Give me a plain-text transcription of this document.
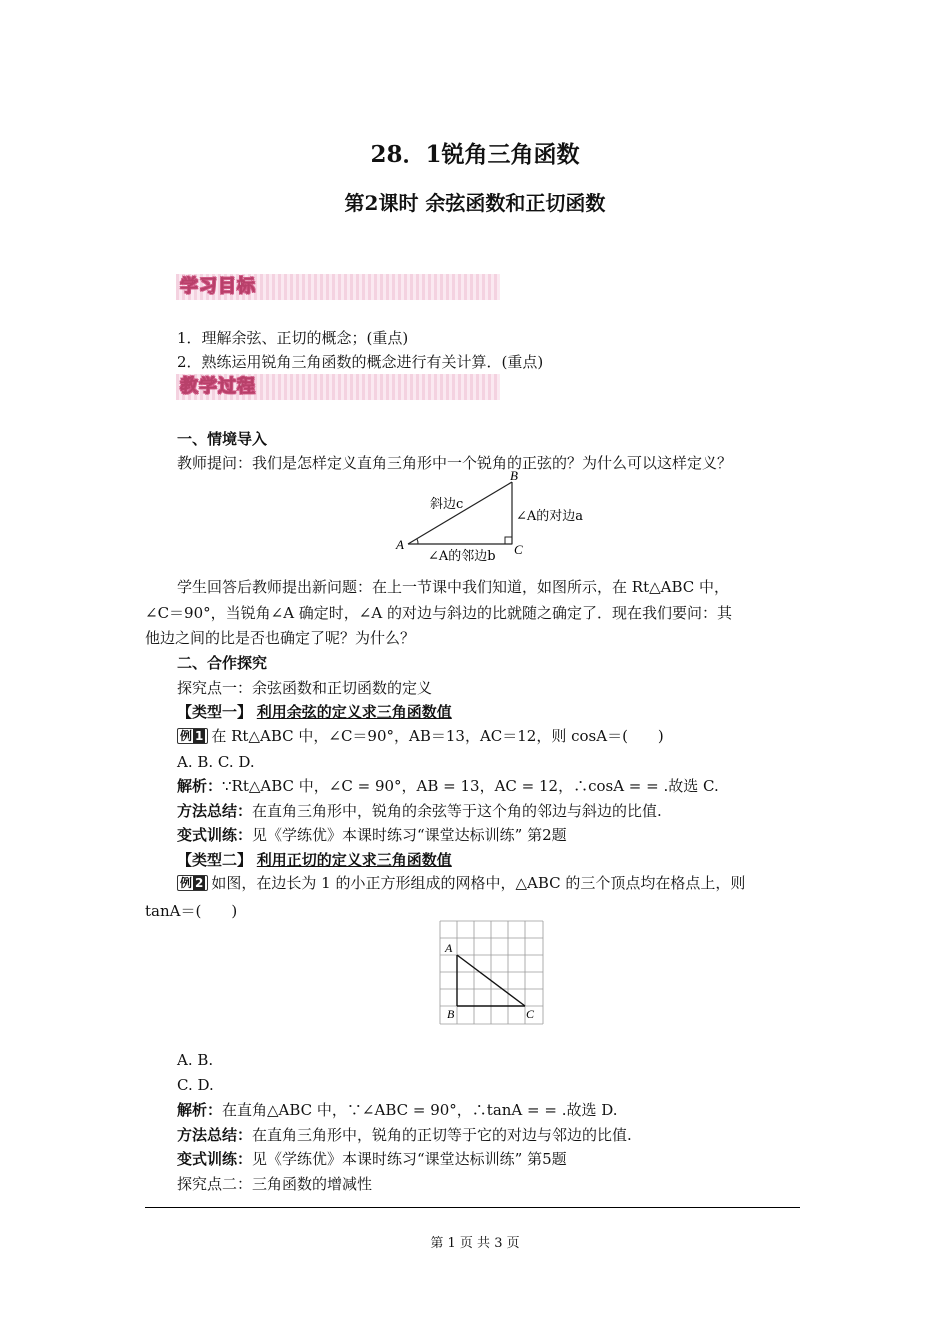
28．1锐角三角函数
第2课时 余弦函数和正切函数
学习目标
1．理解余弦、正切的概念；(重点)
2．熟练运用锐角三角函数的概念进行有关计算．(重点)
教学过程
一、情境导入
教师提问：我们是怎样定义直角三角形中一个锐角的正弦的？为什么可以这样定义？
A
B
C
斜边c
∠A的对边a
∠A的邻边b
学生回答后教师提出新问题：在上一节课中我们知道，如图所示，在 Rt△ABC 中，
∠C＝90°，当锐角∠A 确定时，∠A 的对边与斜边的比就随之确定了．现在我们要问：其
他边之间的比是否也确定了呢？为什么？
二、合作探究
探究点一：余弦函数和正切函数的定义
【类型一】 利用余弦的定义求三角函数值
例 1 在 Rt△ABC 中，∠C＝90°，AB＝13，AC＝12，则 cosA＝(　　)
A. B. C. D.
解析：∵Rt△ABC 中，∠C = 90°，AB = 13，AC = 12，∴cosA = = .故选 C.
方法总结：在直角三角形中，锐角的余弦等于这个角的邻边与斜边的比值.
变式训练：见《学练优》本课时练习“课堂达标训练” 第2题
【类型二】 利用正切的定义求三角函数值
例 2 如图，在边长为 1 的小正方形组成的网格中，△ABC 的三个顶点均在格点上，则
tanA＝(　　)
A
B	C
A. B.
C. D.
解析：在直角△ABC 中，∵∠ABC = 90°，∴tanA = = .故选 D.
方法总结：在直角三角形中，锐角的正切等于它的对边与邻边的比值.
变式训练：见《学练优》本课时练习“课堂达标训练” 第5题
探究点二：三角函数的增减性
第 1 页 共 3 页
